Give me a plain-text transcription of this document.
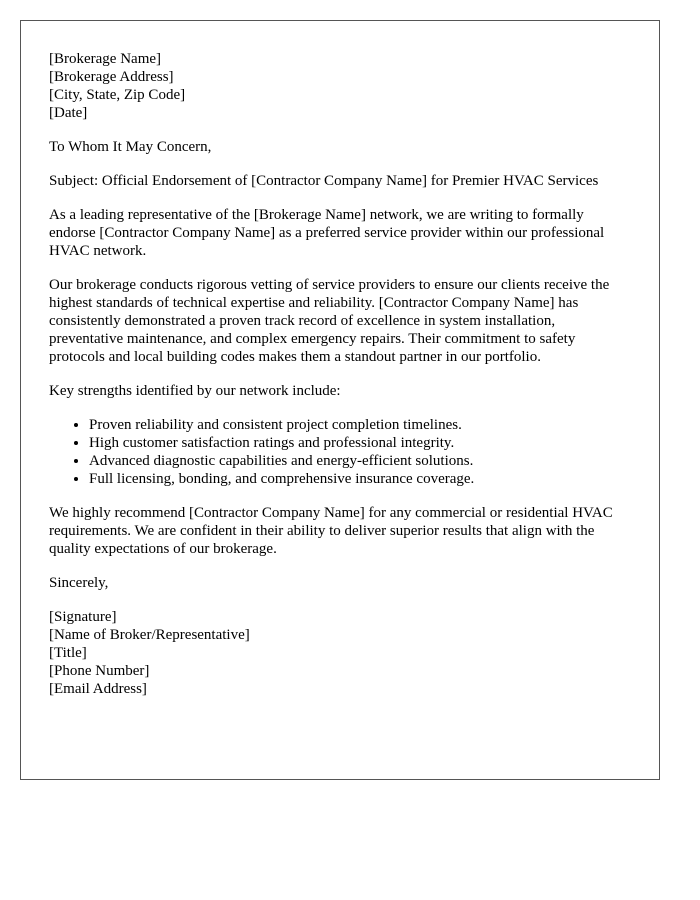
[Brokerage Name]
[Brokerage Address]
[City, State, Zip Code]
[Date]

To Whom It May Concern,

Subject: Official Endorsement of [Contractor Company Name] for Premier HVAC Services

As a leading representative of the [Brokerage Name] network, we are writing to formally endorse [Contractor Company Name] as a preferred service provider within our professional HVAC network.

Our brokerage conducts rigorous vetting of service providers to ensure our clients receive the highest standards of technical expertise and reliability. [Contractor Company Name] has consistently demonstrated a proven track record of excellence in system installation, preventative maintenance, and complex emergency repairs. Their commitment to safety protocols and local building codes makes them a standout partner in our portfolio.

Key strengths identified by our network include:

• Proven reliability and consistent project completion timelines.
• High customer satisfaction ratings and professional integrity.
• Advanced diagnostic capabilities and energy-efficient solutions.
• Full licensing, bonding, and comprehensive insurance coverage.

We highly recommend [Contractor Company Name] for any commercial or residential HVAC requirements. We are confident in their ability to deliver superior results that align with the quality expectations of our brokerage.

Sincerely,

[Signature]
[Name of Broker/Representative]
[Title]
[Phone Number]
[Email Address]
